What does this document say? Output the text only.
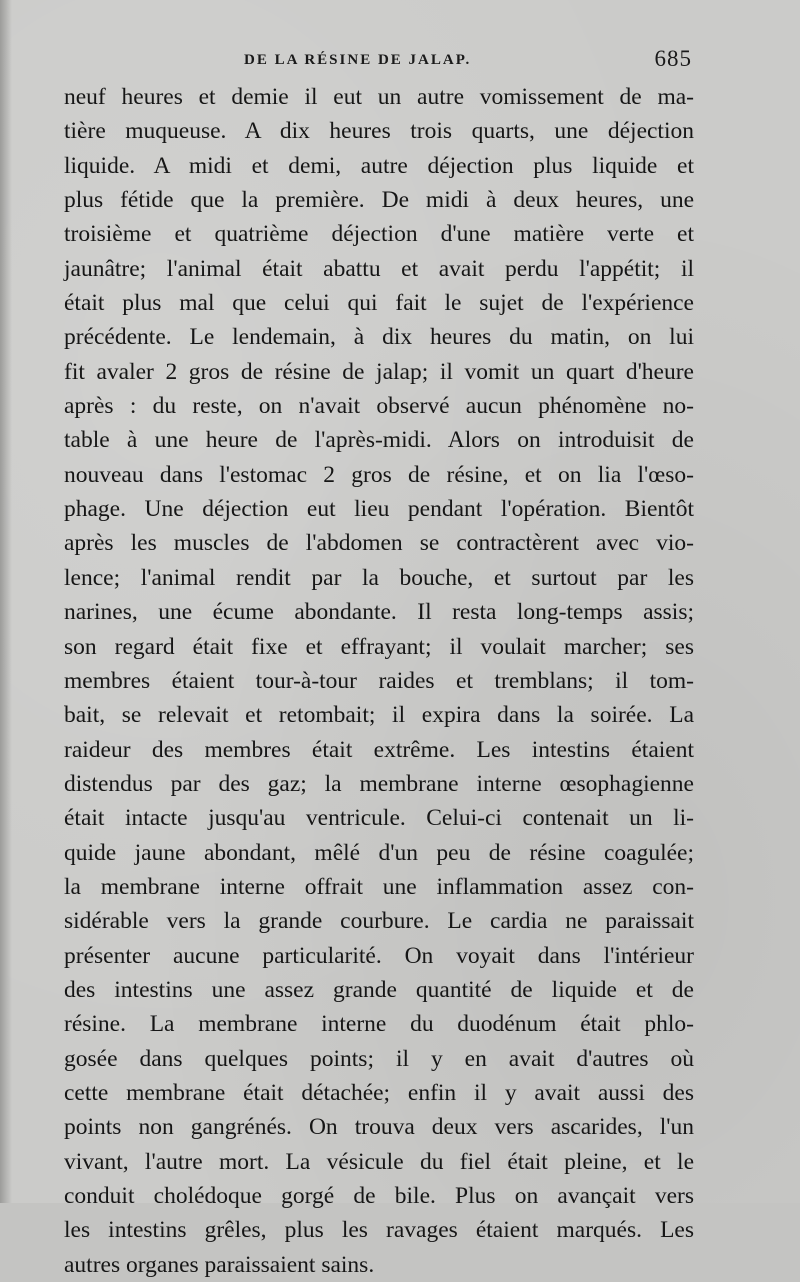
DE LA RÉSINE DE JALAP.	685
neuf heures et demie il eut un autre vomissement de ma-
tière muqueuse. A dix heures trois quarts, une déjection
liquide. A midi et demi, autre déjection plus liquide et
plus fétide que la première. De midi à deux heures, une
troisième et quatrième déjection d'une matière verte et
jaunâtre; l'animal était abattu et avait perdu l'appétit; il
était plus mal que celui qui fait le sujet de l'expérience
précédente. Le lendemain, à dix heures du matin, on lui
fit avaler 2 gros de résine de jalap; il vomit un quart d'heure
après : du reste, on n'avait observé aucun phénomène no-
table à une heure de l'après-midi. Alors on introduisit de
nouveau dans l'estomac 2 gros de résine, et on lia l'œso-
phage. Une déjection eut lieu pendant l'opération. Bientôt
après les muscles de l'abdomen se contractèrent avec vio-
lence; l'animal rendit par la bouche, et surtout par les
narines, une écume abondante. Il resta long-temps assis;
son regard était fixe et effrayant; il voulait marcher; ses
membres étaient tour-à-tour raides et tremblans; il tom-
bait, se relevait et retombait; il expira dans la soirée. La
raideur des membres était extrême. Les intestins étaient
distendus par des gaz; la membrane interne œsophagienne
était intacte jusqu'au ventricule. Celui-ci contenait un li-
quide jaune abondant, mêlé d'un peu de résine coagulée;
la membrane interne offrait une inflammation assez con-
sidérable vers la grande courbure. Le cardia ne paraissait
présenter aucune particularité. On voyait dans l'intérieur
des intestins une assez grande quantité de liquide et de
résine. La membrane interne du duodénum était phlo-
gosée dans quelques points; il y en avait d'autres où
cette membrane était détachée; enfin il y avait aussi des
points non gangrénés. On trouva deux vers ascarides, l'un
vivant, l'autre mort. La vésicule du fiel était pleine, et le
conduit cholédoque gorgé de bile. Plus on avançait vers
les intestins grêles, plus les ravages étaient marqués. Les
autres organes paraissaient sains.
